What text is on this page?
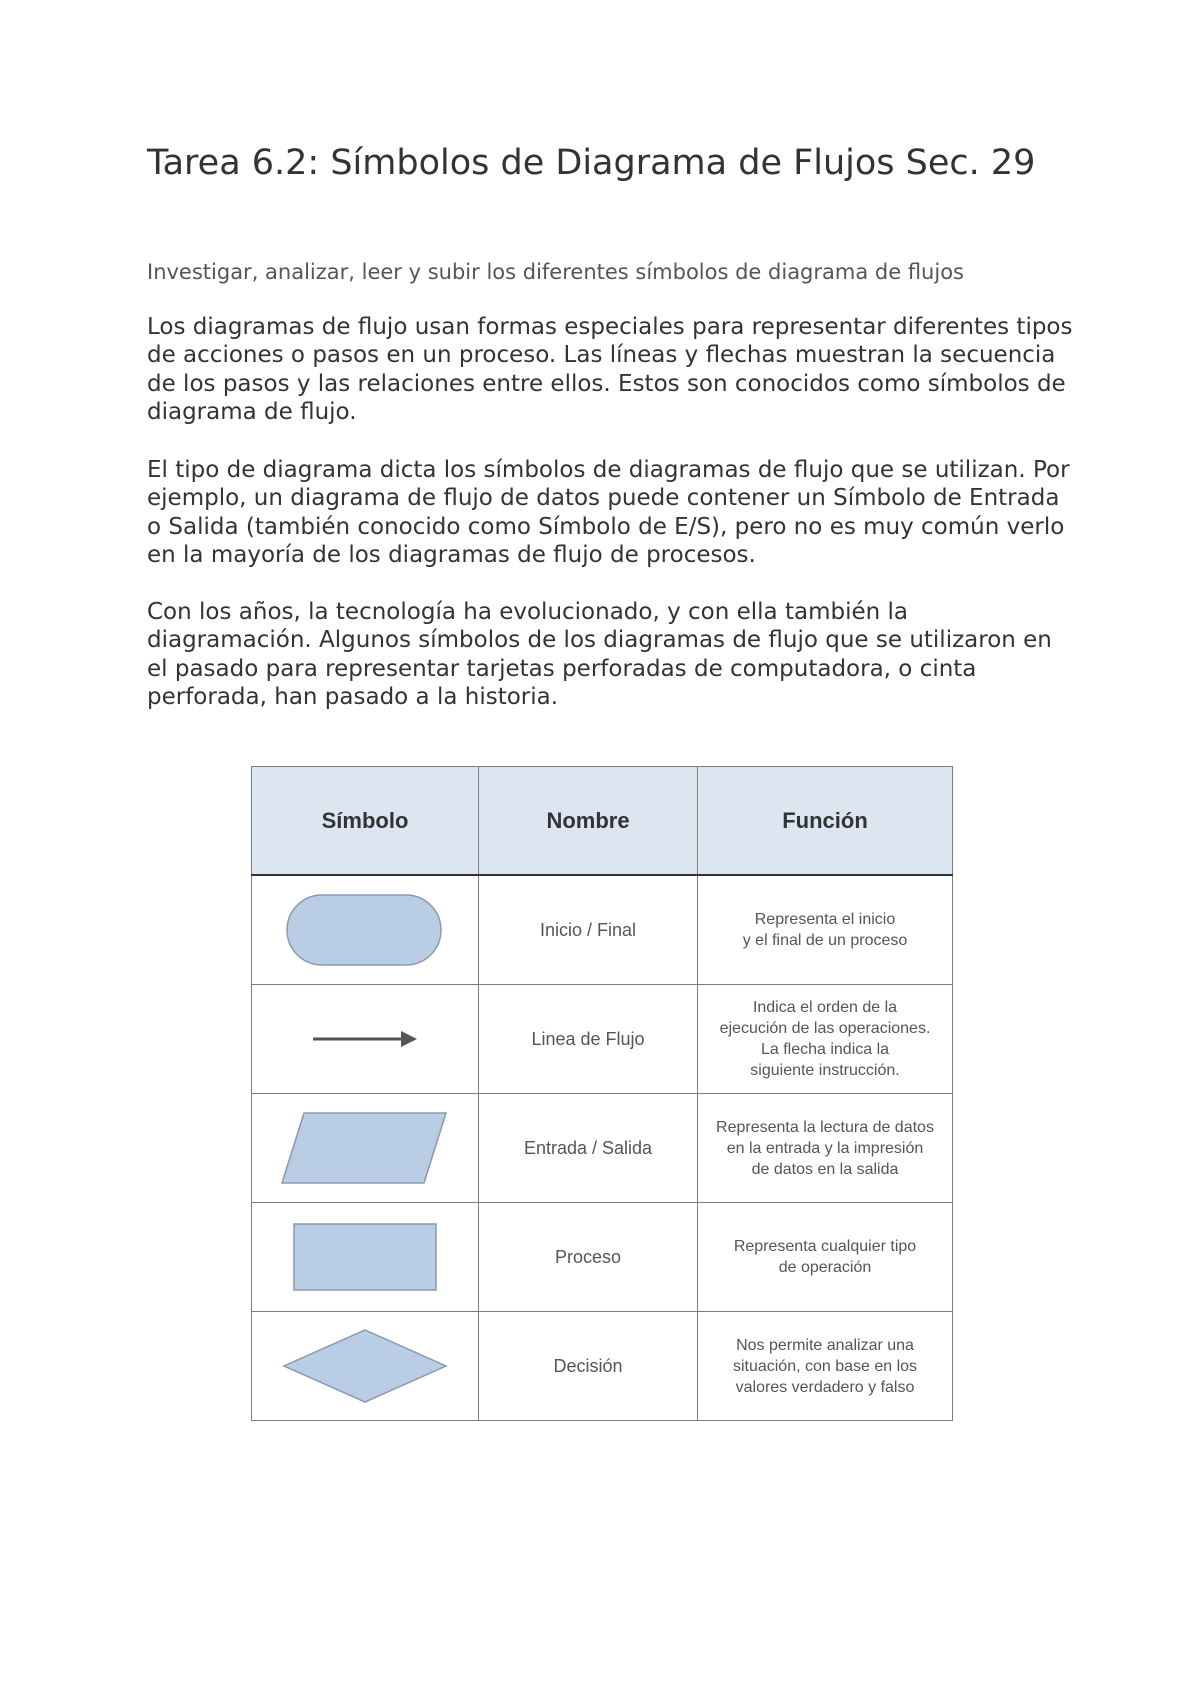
Tarea 6.2: Símbolos de Diagrama de Flujos Sec. 29

Investigar, analizar, leer y subir los diferentes símbolos de diagrama de flujos

Los diagramas de flujo usan formas especiales para representar diferentes tipos de acciones o pasos en un proceso. Las líneas y flechas muestran la secuencia de los pasos y las relaciones entre ellos. Estos son conocidos como símbolos de diagrama de flujo.

El tipo de diagrama dicta los símbolos de diagramas de flujo que se utilizan. Por ejemplo, un diagrama de flujo de datos puede contener un Símbolo de Entrada o Salida (también conocido como Símbolo de E/S), pero no es muy común verlo en la mayoría de los diagramas de flujo de procesos.

Con los años, la tecnología ha evolucionado, y con ella también la diagramación. Algunos símbolos de los diagramas de flujo que se utilizaron en el pasado para representar tarjetas perforadas de computadora, o cinta perforada, han pasado a la historia.

Símbolo	Nombre	Función

	Inicio / Final	Representa el inicio
y el final de un proceso

	Linea de Flujo	Indica el orden de la
ejecución de las operaciones.
La flecha indica la
siguiente instrucción.

	Entrada / Salida	Representa la lectura de datos
en la entrada y la impresión
de datos en la salida

	Proceso	Representa cualquier tipo
de operación

	Decisión	Nos permite analizar una
situación, con base en los
valores verdadero y falso
